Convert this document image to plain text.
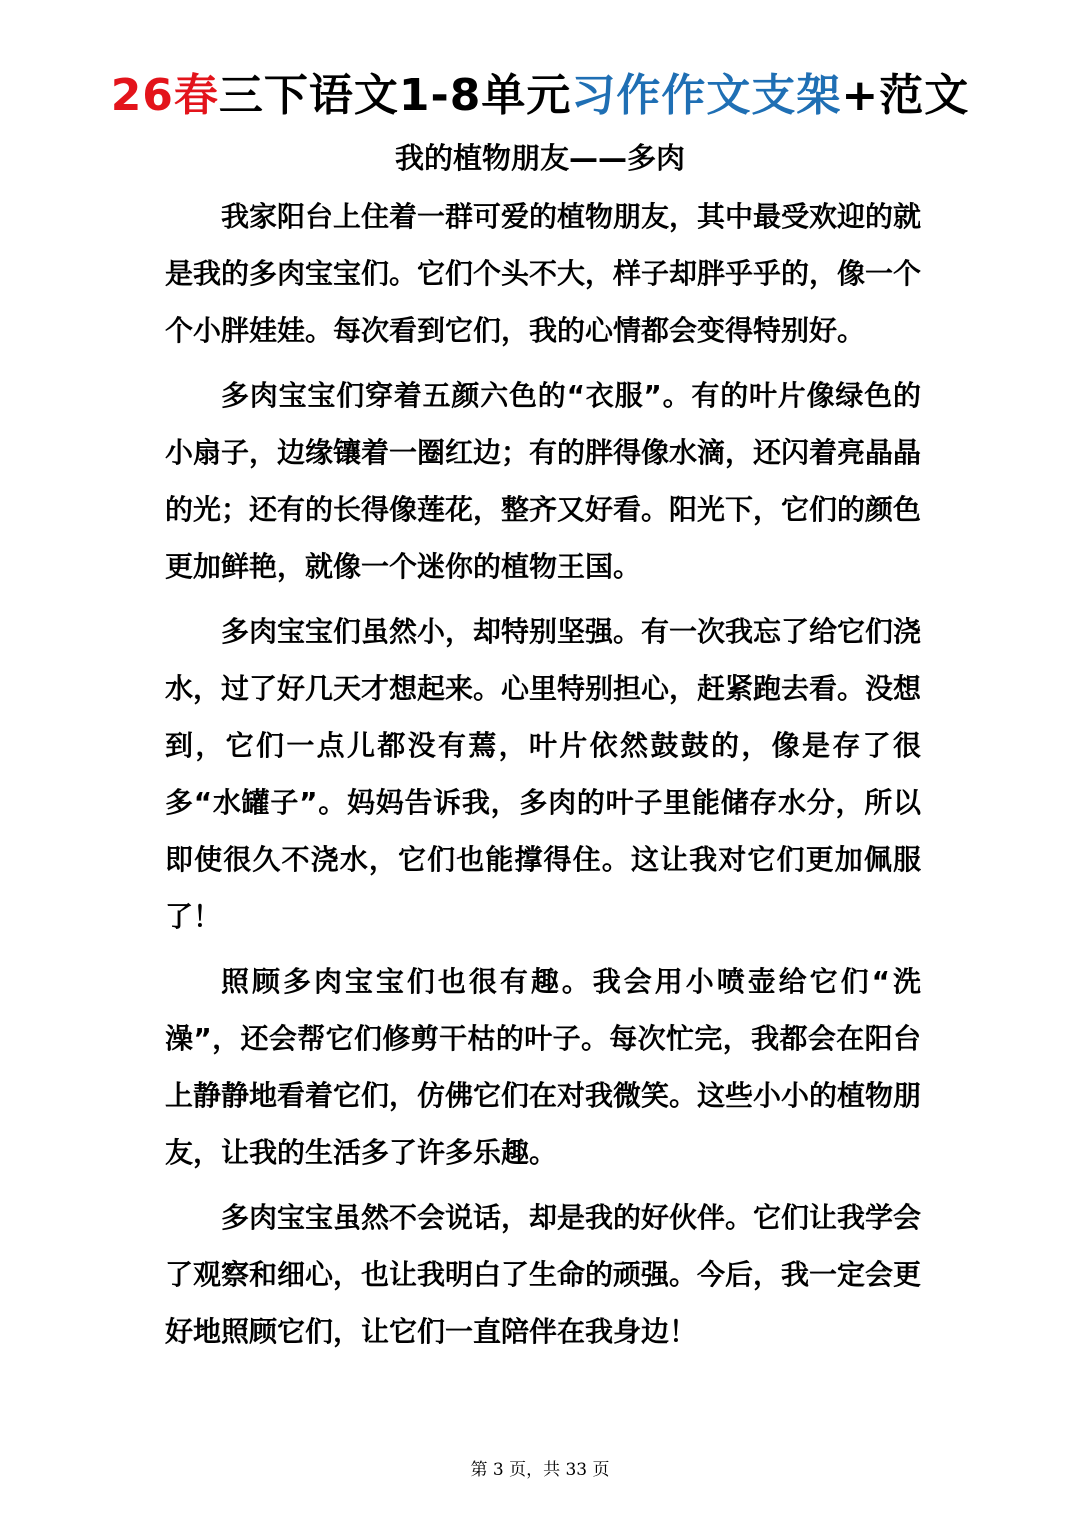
26春三下语文1-8单元习作作文支架+范文
我的植物朋友——多肉

我家阳台上住着一群可爱的植物朋友，其中最受欢迎的就是我的多肉宝宝们。它们个头不大，样子却胖乎乎的，像一个个小胖娃娃。每次看到它们，我的心情都会变得特别好。

多肉宝宝们穿着五颜六色的“衣服”。有的叶片像绿色的小扇子，边缘镶着一圈红边；有的胖得像水滴，还闪着亮晶晶的光；还有的长得像莲花，整齐又好看。阳光下，它们的颜色更加鲜艳，就像一个迷你的植物王国。

多肉宝宝们虽然小，却特别坚强。有一次我忘了给它们浇水，过了好几天才想起来。心里特别担心，赶紧跑去看。没想到，它们一点儿都没有蔫，叶片依然鼓鼓的，像是存了很多“水罐子”。妈妈告诉我，多肉的叶子里能储存水分，所以即使很久不浇水，它们也能撑得住。这让我对它们更加佩服了！

照顾多肉宝宝们也很有趣。我会用小喷壶给它们“洗澡”，还会帮它们修剪干枯的叶子。每次忙完，我都会在阳台上静静地看着它们，仿佛它们在对我微笑。这些小小的植物朋友，让我的生活多了许多乐趣。

多肉宝宝虽然不会说话，却是我的好伙伴。它们让我学会了观察和细心，也让我明白了生命的顽强。今后，我一定会更好地照顾它们，让它们一直陪伴在我身边！

第 3 页，共 33 页
